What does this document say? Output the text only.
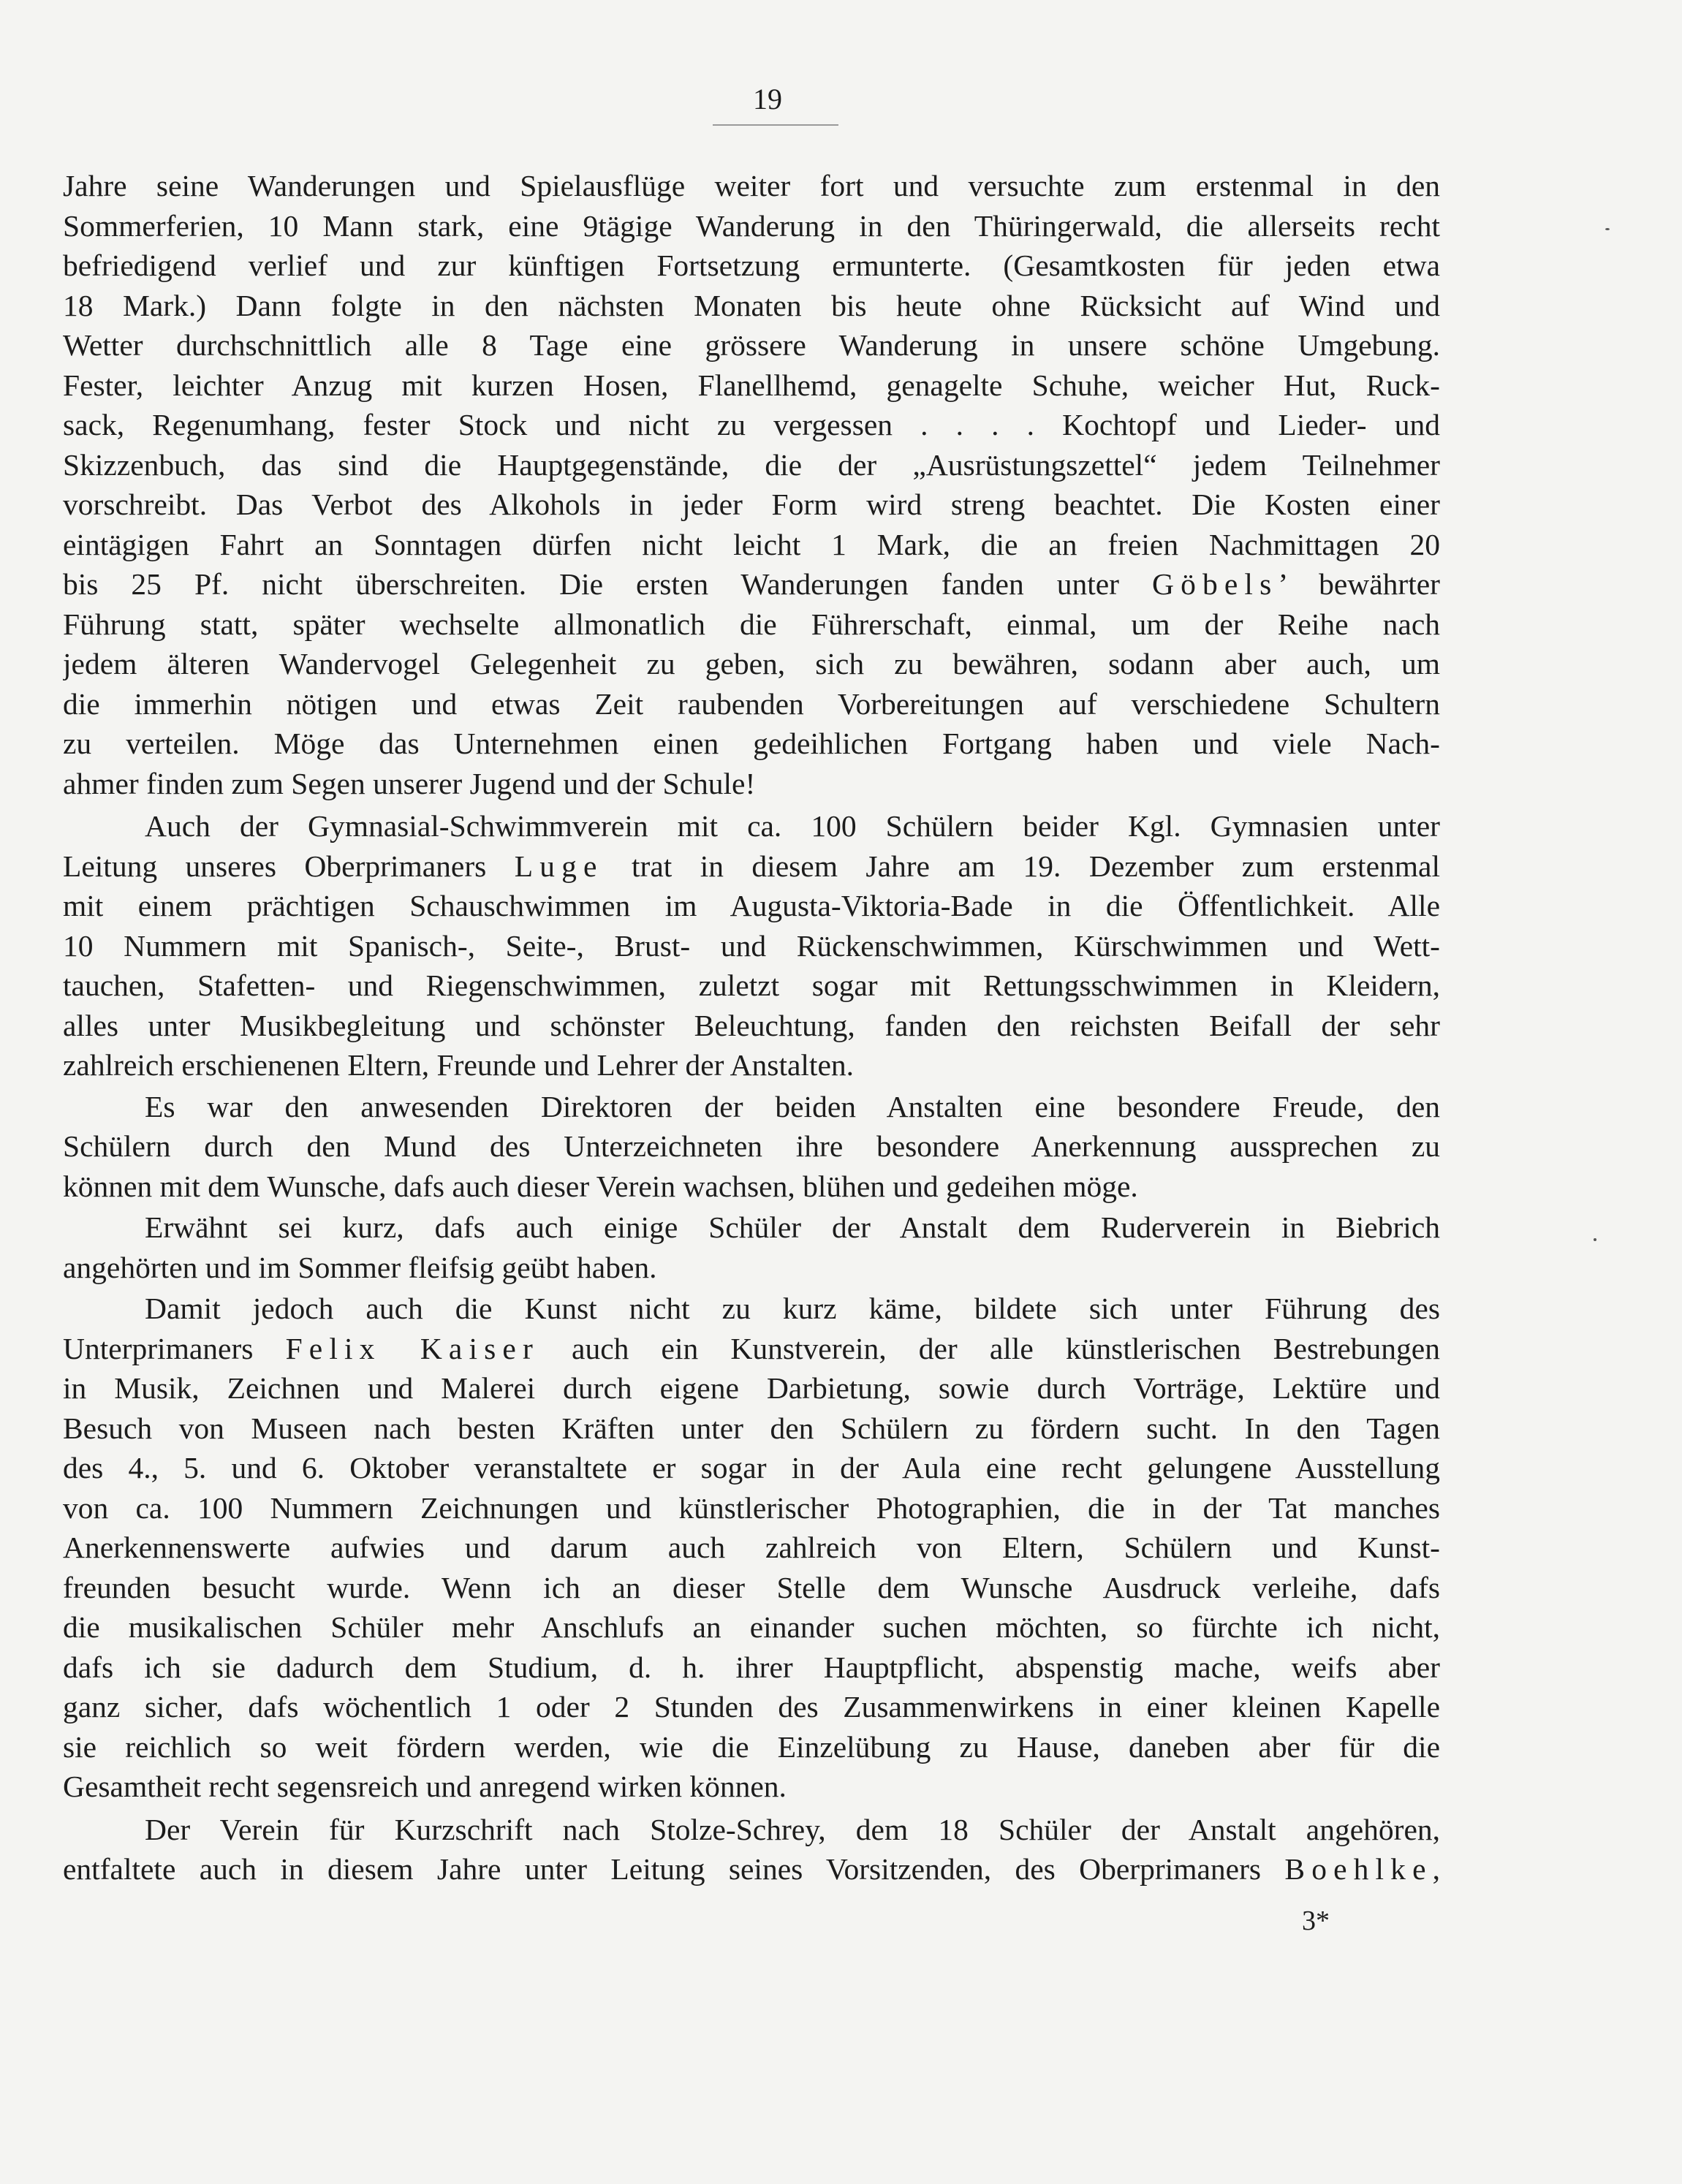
19
Jahre seine Wanderungen und Spielausflüge weiter fort und versuchte zum erstenmal in den
Sommerferien, 10 Mann stark, eine 9tägige Wanderung in den Thüringerwald, die allerseits recht
befriedigend verlief und zur künftigen Fortsetzung ermunterte. (Gesamtkosten für jeden etwa
18 Mark.) Dann folgte in den nächsten Monaten bis heute ohne Rücksicht auf Wind und
Wetter durchschnittlich alle 8 Tage eine grössere Wanderung in unsere schöne Umgebung.
Fester, leichter Anzug mit kurzen Hosen, Flanellhemd, genagelte Schuhe, weicher Hut, Ruck-
sack, Regenumhang, fester Stock und nicht zu vergessen . . . . Kochtopf und Lieder- und
Skizzenbuch, das sind die Hauptgegenstände, die der „Ausrüstungszettel“ jedem Teilnehmer
vorschreibt. Das Verbot des Alkohols in jeder Form wird streng beachtet. Die Kosten einer
eintägigen Fahrt an Sonntagen dürfen nicht leicht 1 Mark, die an freien Nachmittagen 20
bis 25 Pf. nicht überschreiten. Die ersten Wanderungen fanden unter Göbels’ bewährter
Führung statt, später wechselte allmonatlich die Führerschaft, einmal, um der Reihe nach
jedem älteren Wandervogel Gelegenheit zu geben, sich zu bewähren, sodann aber auch, um
die immerhin nötigen und etwas Zeit raubenden Vorbereitungen auf verschiedene Schultern
zu verteilen. Möge das Unternehmen einen gedeihlichen Fortgang haben und viele Nach-
ahmer finden zum Segen unserer Jugend und der Schule!
Auch der Gymnasial-Schwimmverein mit ca. 100 Schülern beider Kgl. Gymnasien unter
Leitung unseres Oberprimaners Luge trat in diesem Jahre am 19. Dezember zum erstenmal
mit einem prächtigen Schauschwimmen im Augusta-Viktoria-Bade in die Öffentlichkeit. Alle
10 Nummern mit Spanisch-, Seite-, Brust- und Rückenschwimmen, Kürschwimmen und Wett-
tauchen, Stafetten- und Riegenschwimmen, zuletzt sogar mit Rettungsschwimmen in Kleidern,
alles unter Musikbegleitung und schönster Beleuchtung, fanden den reichsten Beifall der sehr
zahlreich erschienenen Eltern, Freunde und Lehrer der Anstalten.
Es war den anwesenden Direktoren der beiden Anstalten eine besondere Freude, den
Schülern durch den Mund des Unterzeichneten ihre besondere Anerkennung aussprechen zu
können mit dem Wunsche, dafs auch dieser Verein wachsen, blühen und gedeihen möge.
Erwähnt sei kurz, dafs auch einige Schüler der Anstalt dem Ruderverein in Biebrich
angehörten und im Sommer fleifsig geübt haben.
Damit jedoch auch die Kunst nicht zu kurz käme, bildete sich unter Führung des
Unterprimaners Felix Kaiser auch ein Kunstverein, der alle künstlerischen Bestrebungen
in Musik, Zeichnen und Malerei durch eigene Darbietung, sowie durch Vorträge, Lektüre und
Besuch von Museen nach besten Kräften unter den Schülern zu fördern sucht. In den Tagen
des 4., 5. und 6. Oktober veranstaltete er sogar in der Aula eine recht gelungene Ausstellung
von ca. 100 Nummern Zeichnungen und künstlerischer Photographien, die in der Tat manches
Anerkennenswerte aufwies und darum auch zahlreich von Eltern, Schülern und Kunst-
freunden besucht wurde. Wenn ich an dieser Stelle dem Wunsche Ausdruck verleihe, dafs
die musikalischen Schüler mehr Anschlufs an einander suchen möchten, so fürchte ich nicht,
dafs ich sie dadurch dem Studium, d. h. ihrer Hauptpflicht, abspenstig mache, weifs aber
ganz sicher, dafs wöchentlich 1 oder 2 Stunden des Zusammenwirkens in einer kleinen Kapelle
sie reichlich so weit fördern werden, wie die Einzelübung zu Hause, daneben aber für die
Gesamtheit recht segensreich und anregend wirken können.
Der Verein für Kurzschrift nach Stolze-Schrey, dem 18 Schüler der Anstalt angehören,
entfaltete auch in diesem Jahre unter Leitung seines Vorsitzenden, des Oberprimaners Boehlke,
3*
